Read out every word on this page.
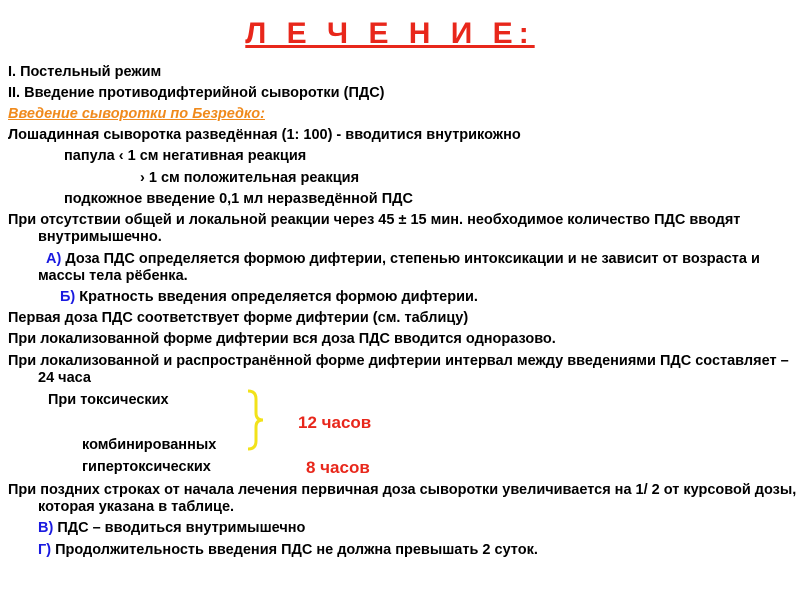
Л Е Ч Е Н И Е:

I. Постельный режим

II. Введение противодифтерийной сыворотки (ПДС)

Введение сыворотки по Безредко:

Лошадинная сыворотка разведённая (1: 100) - вводитися внутрикожно

папула ‹ 1 см негативная реакция

› 1 см положительная реакция

подкожное введение 0,1 мл неразведённой ПДС

При отсутствии общей и локальной реакции через 45 ± 15 мин. необходимое количество ПДС вводят внутримышечно.

А) Доза ПДС определяется формою дифтерии, степенью интоксикации и не зависит от возраста и массы тела рёбенка.

Б) Кратность введения определяется формою дифтерии.

Первая доза ПДС соответствует форме дифтерии (см. таблицу)

При локализованной форме дифтерии вся доза ПДС вводится одноразово.

При локализованной и распространённой форме дифтерии интервал между введениями ПДС составляет – 24 часа

При токсических

12 часов

комбинированных

гипертоксических	8 часов

При поздних строках от начала лечения первичная доза сыворотки увеличивается на 1/ 2 от курсовой дозы, которая указана в таблице.

В) ПДС – вводиться внутримышечно

Г) Продолжительность введения ПДС не должна превышать 2 суток.
